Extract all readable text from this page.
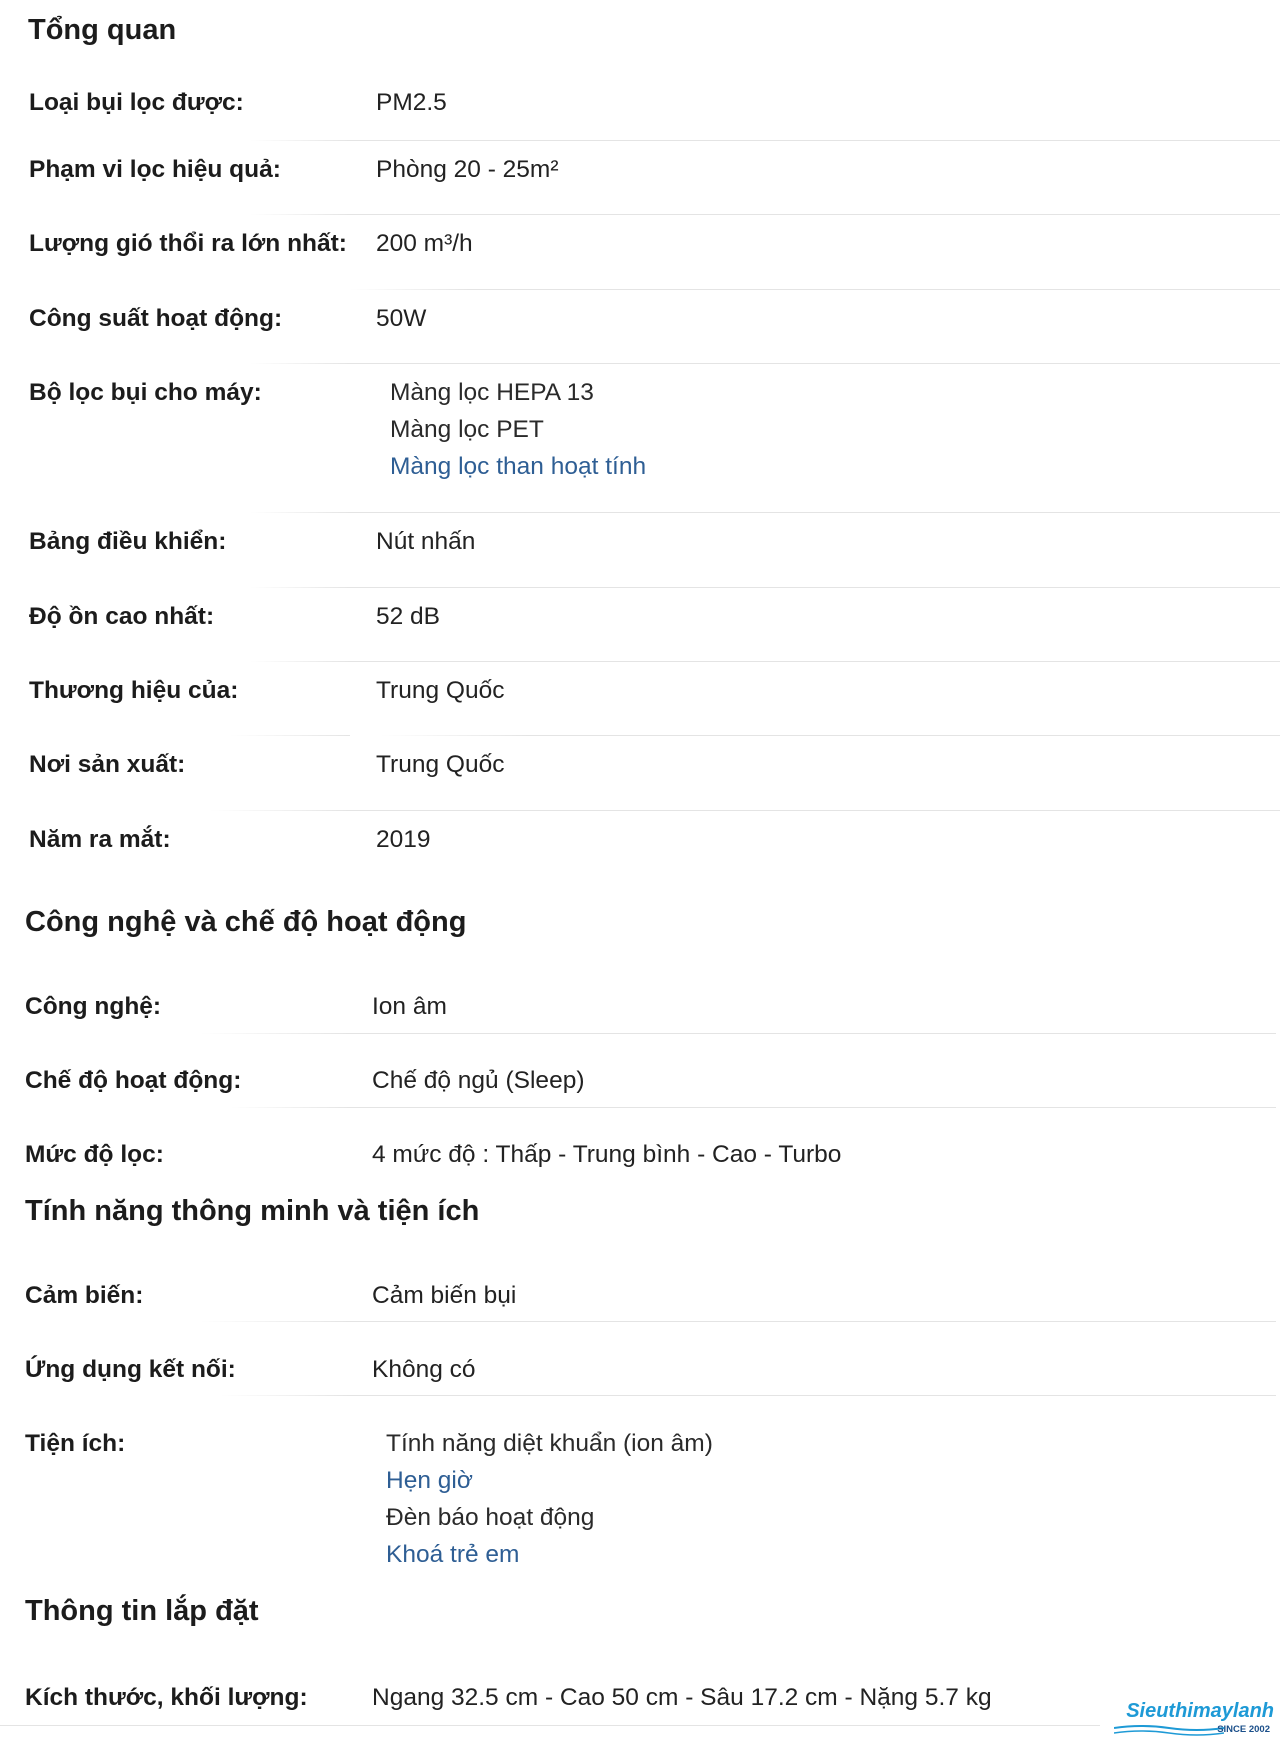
Tổng quan
Loại bụi lọc được:	PM2.5
Phạm vi lọc hiệu quả:	Phòng 20 - 25m²
Lượng gió thổi ra lớn nhất: 200 m³/h
Công suất hoạt động:	50W
Bộ lọc bụi cho máy:	Màng lọc HEPA 13
Màng lọc PET
Màng lọc than hoạt tính
Bảng điều khiển:	Nút nhấn
Độ ồn cao nhất:	52 dB
Thương hiệu của:	Trung Quốc
Nơi sản xuất:	Trung Quốc
Năm ra mắt:	2019
Công nghệ và chế độ hoạt động
Công nghệ:	Ion âm
Chế độ hoạt động:	Chế độ ngủ (Sleep)
Mức độ lọc:	4 mức độ : Thấp - Trung bình - Cao - Turbo
Tính năng thông minh và tiện ích
Cảm biến:	Cảm biến bụi
Ứng dụng kết nối:	Không có
Tiện ích:	Tính năng diệt khuẩn (ion âm)
Hẹn giờ
Đèn báo hoạt động
Khoá trẻ em
Thông tin lắp đặt
Kích thước, khối lượng:	Ngang 32.5 cm - Cao 50 cm - Sâu 17.2 cm - Nặng 5.7 kg	Sieuthimaylanh
SINCE 2002
